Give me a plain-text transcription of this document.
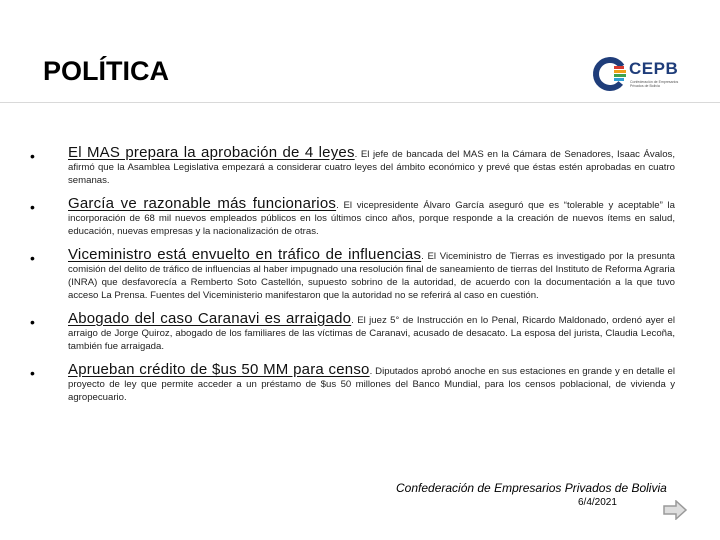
POLÍTICA	CEPB
Confederación de Empresarios Privados de Bolivia
• El MAS prepara la aprobación de 4 leyes. El jefe de bancada del MAS en la Cámara de Senadores, Isaac Ávalos, afirmó que la Asamblea Legislativa empezará a considerar cuatro leyes del ámbito económico y prevé que éstas estén aprobadas en cuatro semanas.
• García ve razonable más funcionarios. El vicepresidente Álvaro García aseguró que es “tolerable y aceptable” la incorporación de 68 mil nuevos empleados públicos en los últimos cinco años, porque responde a la creación de nuevos ítems en salud, educación, nuevas empresas y la nacionalización de otras.
• Viceministro está envuelto en tráfico de influencias. El Viceministro de Tierras es investigado por la presunta comisión del delito de tráfico de influencias al haber impugnado una resolución final de saneamiento de tierras del Instituto de Reforma Agraria (INRA) que desfavorecía a Remberto Soto Castellón, supuesto sobrino de la autoridad, de acuerdo con la documentación a la que tuvo acceso La Prensa. Fuentes del Viceministerio manifestaron que la autoridad no se referirá al caso en cuestión.
• Abogado del caso Caranavi es arraigado. El juez 5° de Instrucción en lo Penal, Ricardo Maldonado, ordenó ayer el arraigo de Jorge Quiroz, abogado de los familiares de las víctimas de Caranavi, acusado de desacato. La esposa del jurista, Claudia Lecoña, también fue arraigada.
• Aprueban crédito de $us 50 MM para censo. Diputados aprobó anoche en sus estaciones en grande y en detalle el proyecto de ley que permite acceder a un préstamo de $us 50 millones del Banco Mundial, para los censos poblacional, de vivienda y agropecuario.
Confederación de Empresarios Privados de Bolivia
6/4/2021
